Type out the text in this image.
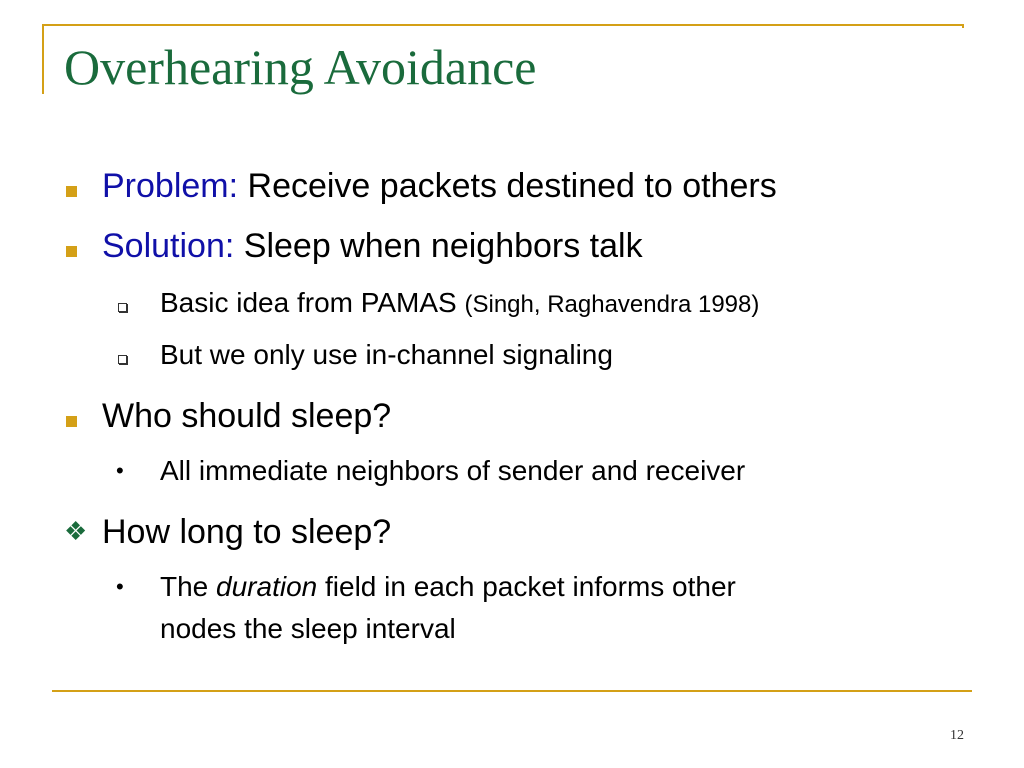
Overhearing Avoidance
Problem: Receive packets destined to others
Solution: Sleep when neighbors talk
Basic idea from PAMAS (Singh, Raghavendra 1998)
But we only use in-channel signaling
Who should sleep?
• All immediate neighbors of sender and receiver
❖ How long to sleep?
• The duration field in each packet informs other
nodes the sleep interval
12
